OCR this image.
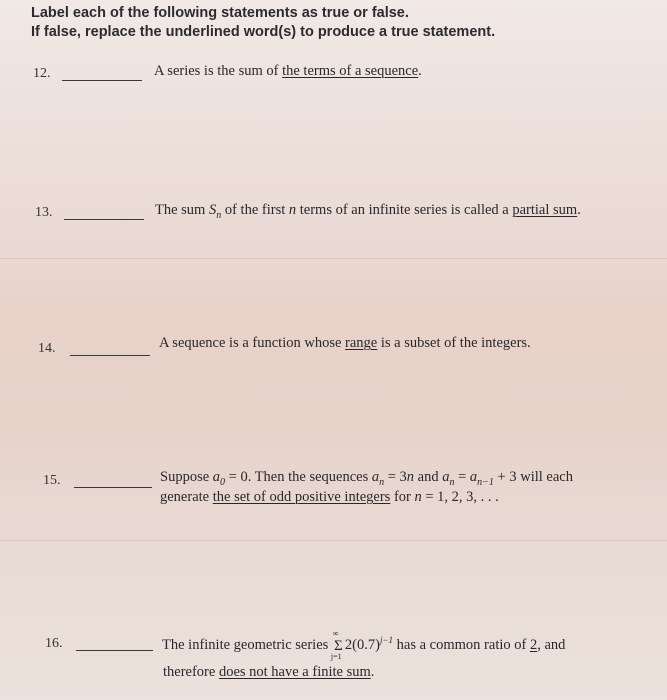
Label each of the following statements as true or false.
If false, replace the underlined word(s) to produce a true statement.
12.	A series is the sum of the terms of a sequence.
13.	The sum $S_n$ of the first n terms of an infinite series is called a partial sum.
14.	A sequence is a function whose range is a subset of the integers.
15.	Suppose $a_0 = 0$. Then the sequences $a_n = 3n$ and $a_n = a_{n-1} + 3$ will each
generate the set of odd positive integers for n = 1, 2, 3, . . .
16.	The infinite geometric series
∞
Σ
j=1
$2(0.7)^{j-1}$ has a common ratio of 2, and
therefore does not have a finite sum.
